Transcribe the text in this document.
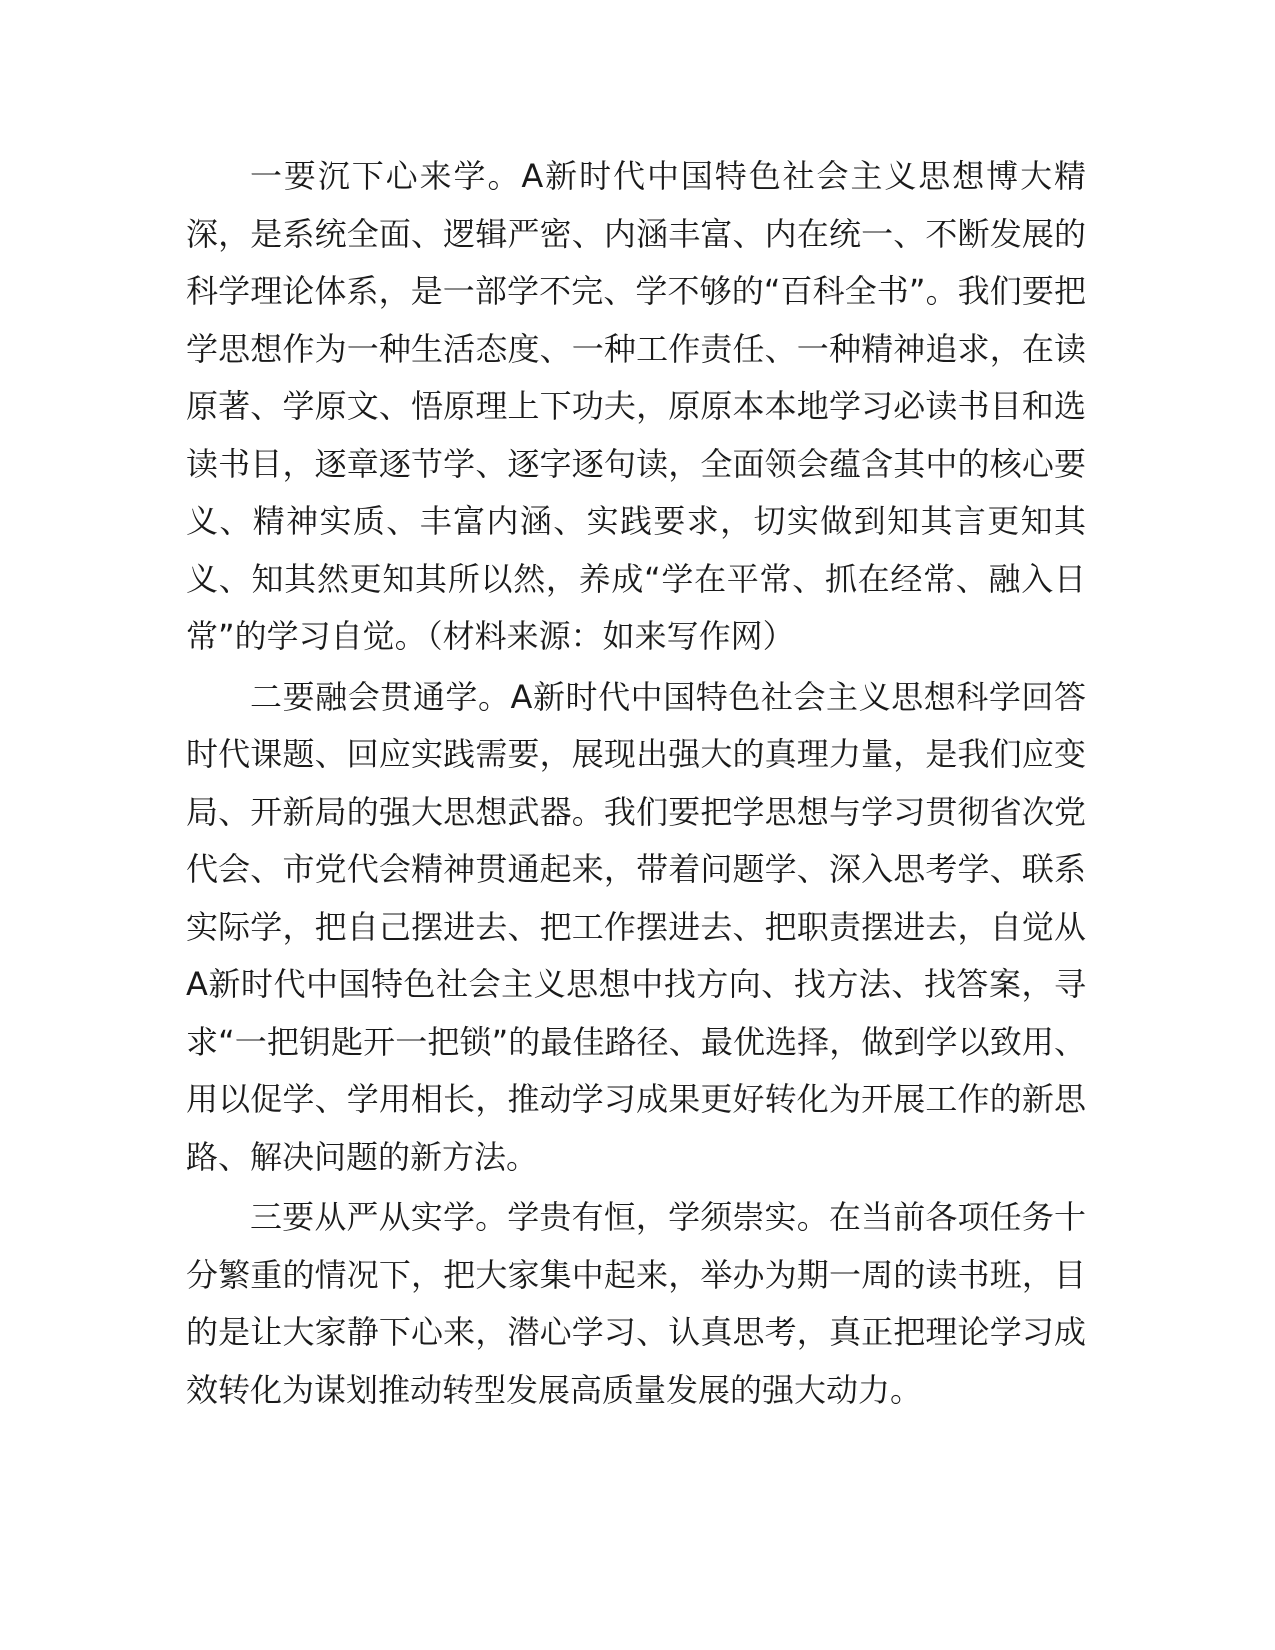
一要沉下心来学。A新时代中国特色社会主义思想博大精深，是系统全面、逻辑严密、内涵丰富、内在统一、不断发展的科学理论体系，是一部学不完、学不够的“百科全书”。我们要把学思想作为一种生活态度、一种工作责任、一种精神追求，在读原著、学原文、悟原理上下功夫，原原本本地学习必读书目和选读书目，逐章逐节学、逐字逐句读，全面领会蕴含其中的核心要义、精神实质、丰富内涵、实践要求，切实做到知其言更知其义、知其然更知其所以然，养成“学在平常、抓在经常、融入日常”的学习自觉。（材料来源：如来写作网）

二要融会贯通学。A新时代中国特色社会主义思想科学回答时代课题、回应实践需要，展现出强大的真理力量，是我们应变局、开新局的强大思想武器。我们要把学思想与学习贯彻省次党代会、市党代会精神贯通起来，带着问题学、深入思考学、联系实际学，把自己摆进去、把工作摆进去、把职责摆进去，自觉从A新时代中国特色社会主义思想中找方向、找方法、找答案，寻求“一把钥匙开一把锁”的最佳路径、最优选择，做到学以致用、用以促学、学用相长，推动学习成果更好转化为开展工作的新思路、解决问题的新方法。

三要从严从实学。学贵有恒，学须崇实。在当前各项任务十分繁重的情况下，把大家集中起来，举办为期一周的读书班，目的是让大家静下心来，潜心学习、认真思考，真正把理论学习成效转化为谋划推动转型发展高质量发展的强大动力。
